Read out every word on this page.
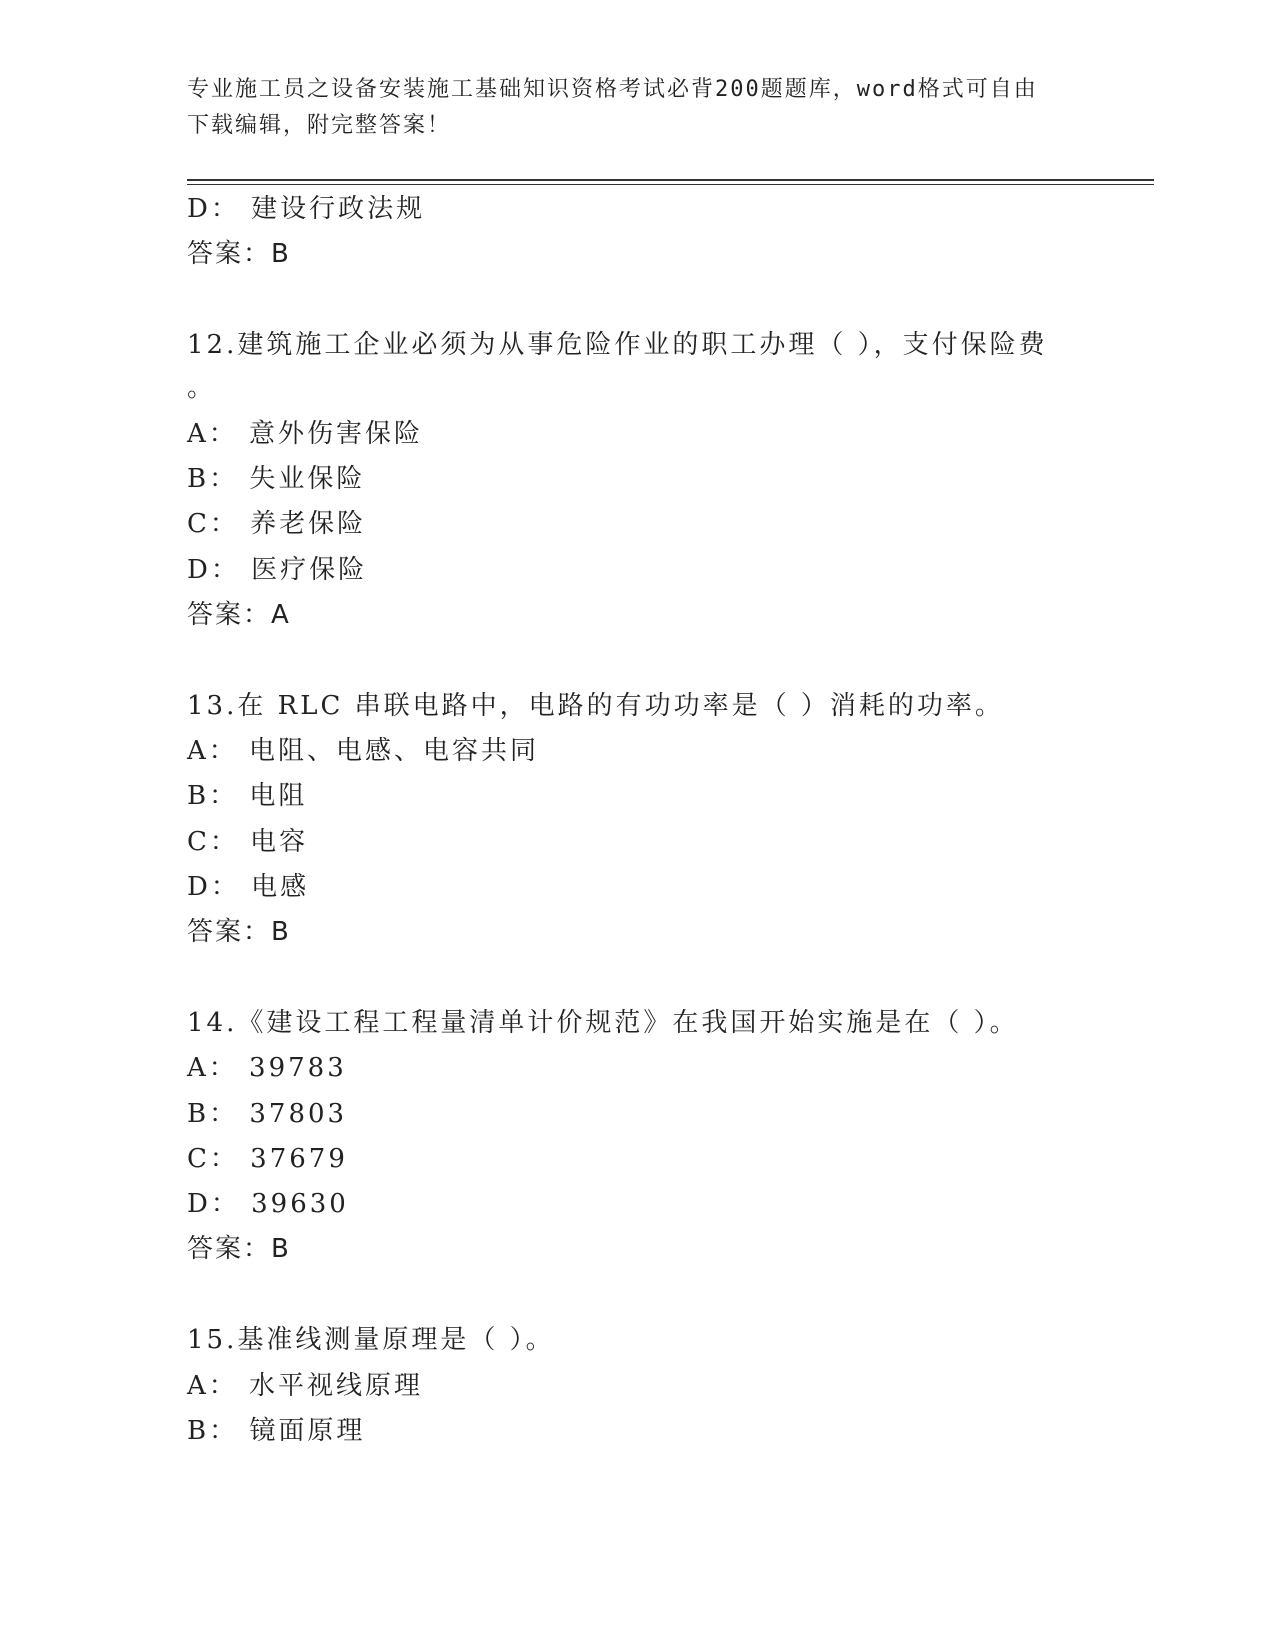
专业施工员之设备安装施工基础知识资格考试必背200题题库，word格式可自由
下载编辑，附完整答案！
D： 建设行政法规
答案：B
12.建筑施工企业必须为从事危险作业的职工办理（ ），支付保险费
。
A： 意外伤害保险
B： 失业保险
C： 养老保险
D： 医疗保险
答案：A
13.在 RLC 串联电路中，电路的有功功率是（ ）消耗的功率。
A： 电阻、电感、电容共同
B： 电阻
C： 电容
D： 电感
答案：B
14.《建设工程工程量清单计价规范》在我国开始实施是在（ ）。
A： 39783
B： 37803
C： 37679
D： 39630
答案：B
15.基准线测量原理是（ ）。
A： 水平视线原理
B： 镜面原理
